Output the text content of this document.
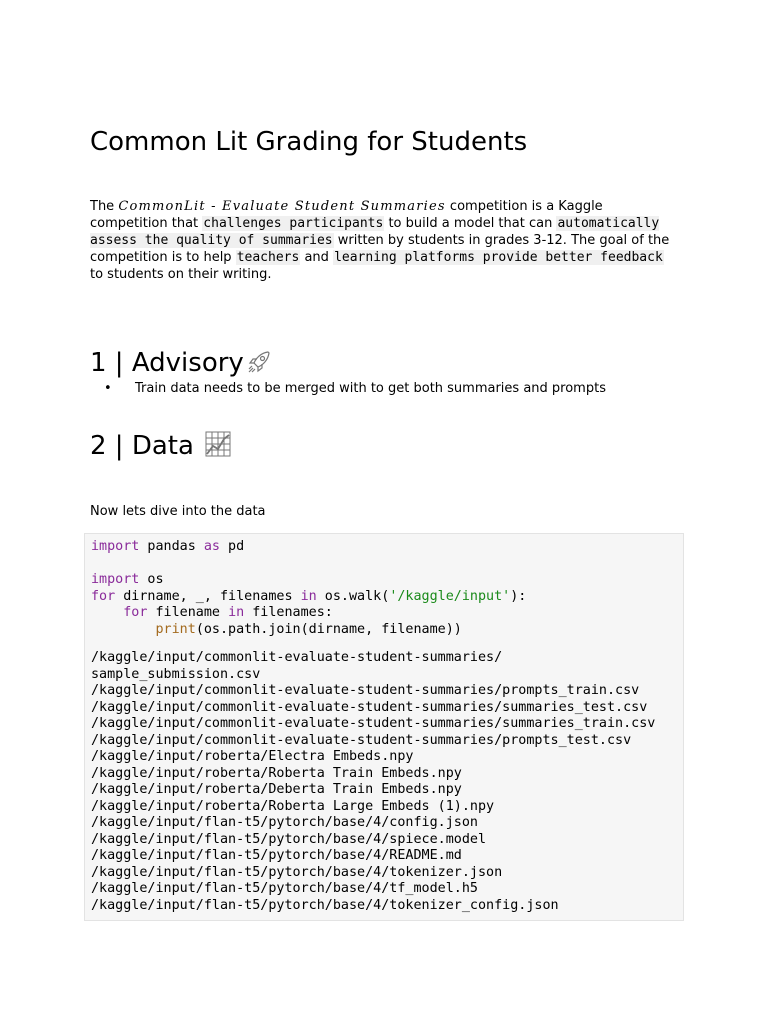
Common Lit Grading for Students

The CommonLit - Evaluate Student Summaries competition is a Kaggle competition that challenges participants to build a model that can automatically assess the quality of summaries written by students in grades 3-12. The goal of the competition is to help teachers and learning platforms provide better feedback to students on their writing.

1 | Advisory
• Train data needs to be merged with to get both summaries and prompts
2 | Data

Now lets dive into the data

import pandas as pd

import os
for dirname, _, filenames in os.walk('/kaggle/input'):
for filename in filenames:
print(os.path.join(dirname, filename))
/kaggle/input/commonlit-evaluate-student-summaries/
sample_submission.csv
/kaggle/input/commonlit-evaluate-student-summaries/prompts_train.csv
/kaggle/input/commonlit-evaluate-student-summaries/summaries_test.csv
/kaggle/input/commonlit-evaluate-student-summaries/summaries_train.csv
/kaggle/input/commonlit-evaluate-student-summaries/prompts_test.csv
/kaggle/input/roberta/Electra Embeds.npy
/kaggle/input/roberta/Roberta Train Embeds.npy
/kaggle/input/roberta/Deberta Train Embeds.npy
/kaggle/input/roberta/Roberta Large Embeds (1).npy
/kaggle/input/flan-t5/pytorch/base/4/config.json
/kaggle/input/flan-t5/pytorch/base/4/spiece.model
/kaggle/input/flan-t5/pytorch/base/4/README.md
/kaggle/input/flan-t5/pytorch/base/4/tokenizer.json
/kaggle/input/flan-t5/pytorch/base/4/tf_model.h5
/kaggle/input/flan-t5/pytorch/base/4/tokenizer_config.json
